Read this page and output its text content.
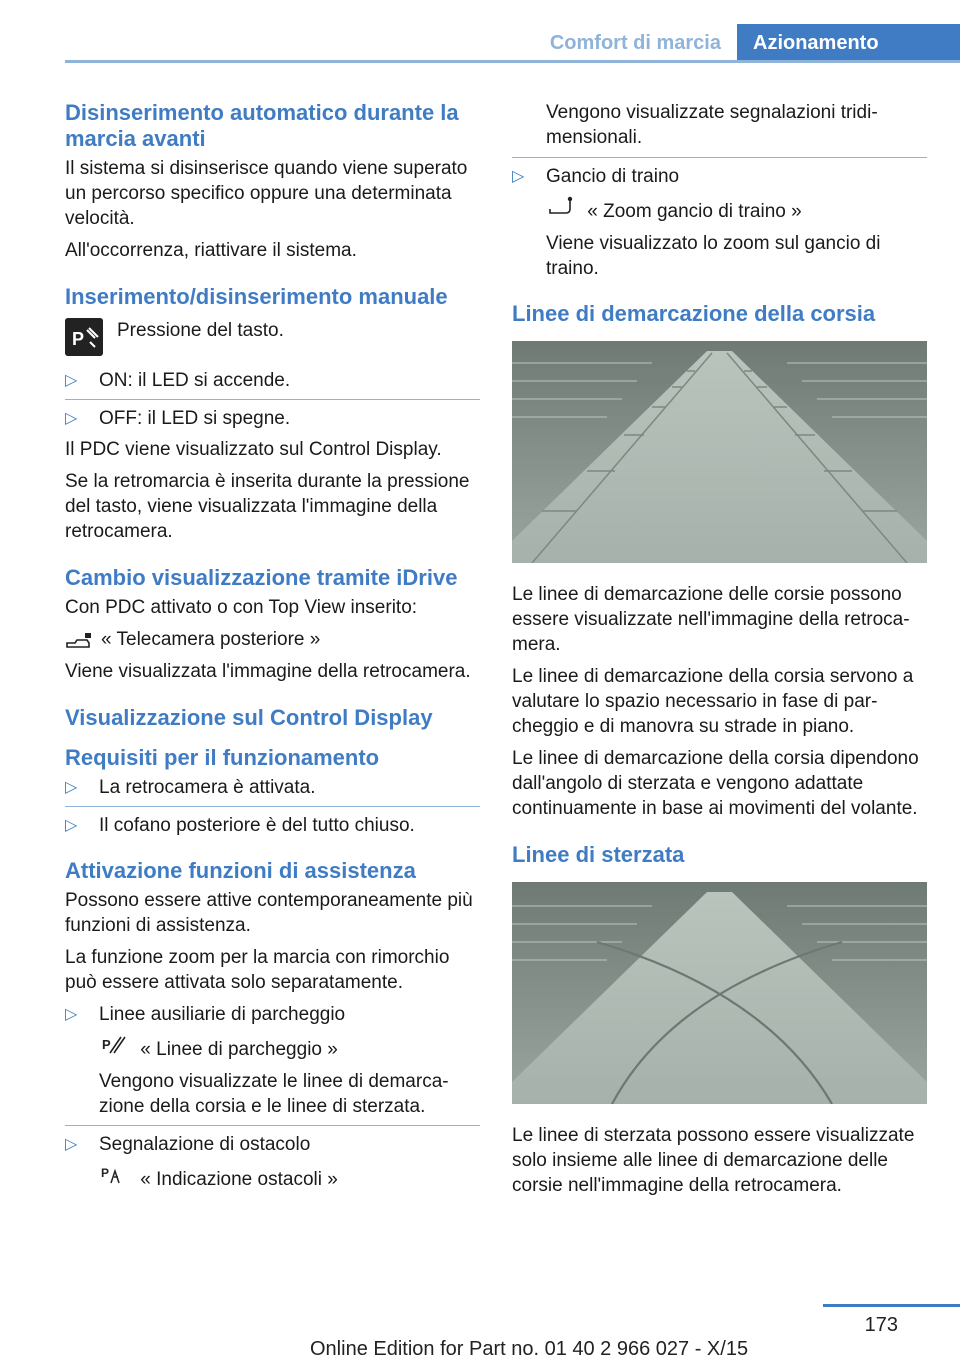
Comfort di marcia	Azionamento
Disinserimento automatico durante la marcia avanti

Il sistema si disinserisce quando viene superato un percorso specifico oppure una determinata velocità.

All'occorrenza, riattivare il sistema.

Inserimento/disinserimento manuale
P Pressione del tasto.
▷	ON: il LED si accende.
▷	OFF: il LED si spegne.

Il PDC viene visualizzato sul Control Display.

Se la retromarcia è inserita durante la pressione del tasto, viene visualizzata l'immagine della retrocamera.

Cambio visualizzazione tramite iDrive

Con PDC attivato o con Top View inserito:

« Telecamera posteriore »

Viene visualizzata l'immagine della retrocamera.

Visualizzazione sul Control Display
Requisiti per il funzionamento
▷	La retrocamera è attivata.
▷	Il cofano posteriore è del tutto chiuso.
Attivazione funzioni di assistenza

Possono essere attive contemporaneamente più funzioni di assistenza.

La funzione zoom per la marcia con rimorchio può essere attivata solo separatamente.

▷	Linee ausiliarie di parcheggio
P « Linee di parcheggio »
Vengono visualizzate le linee di demarcazione della corsia e le linee di sterzata.
▷	Segnalazione di ostacolo
P « Indicazione ostacoli »

Vengono visualizzate segnalazioni tridimensionali.

▷	Gancio di traino
« Zoom gancio di traino »
Viene visualizzato lo zoom sul gancio di traino.
Linee di demarcazione della corsia

Le linee di demarcazione delle corsie possono essere visualizzate nell'immagine della retrocamera.

Le linee di demarcazione della corsia servono a valutare lo spazio necessario in fase di parcheggio e di manovra su strade in piano.

Le linee di demarcazione della corsia dipendono dall'angolo di sterzata e vengono adattate continuamente in base ai movimenti del volante.

Linee di sterzata

Le linee di sterzata possono essere visualizzate solo insieme alle linee di demarcazione delle corsie nell'immagine della retrocamera.

173
Online Edition for Part no. 01 40 2 966 027 - X/15
